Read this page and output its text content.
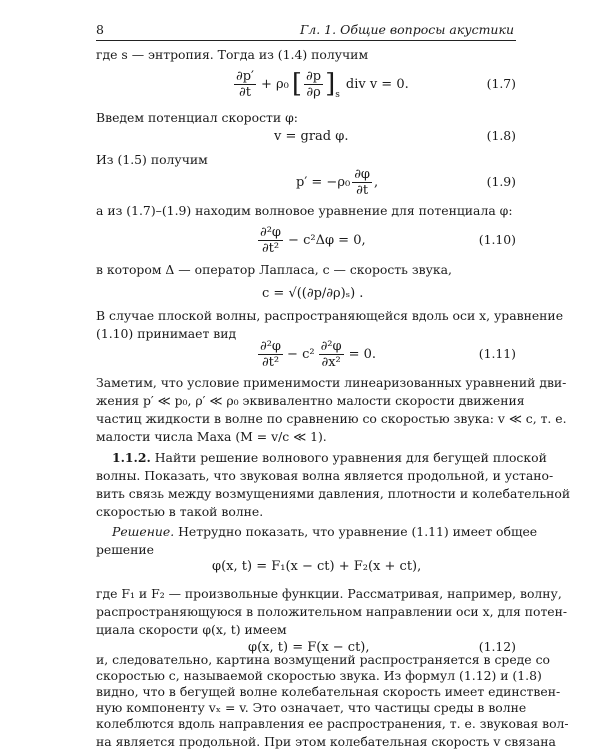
8	Гл. 1. Общие вопросы акустики
где s — энтропия. Тогда из (1.4) получим
$\frac{\partial p'}{\partial t} + \rho_0$ [ $\frac{\partial p}{\partial\rho}$ ] s
div v = 0.	(1.7)
Введем потенциал скорости φ:
v = grad φ.	(1.8)
Из (1.5) получим
$p' = -\rho_0 \frac{\partial\varphi}{\partial t}$ ,	(1.9)
а из (1.7)–(1.9) находим волновое уравнение для потенциала φ:
$\frac{\text{∂²φ}}{\text{∂t²}} - c^2\Delta\varphi = 0$,	(1.10)
в котором Δ — оператор Лапласа, c — скорость звука,
c = √((∂p/∂ρ)ₛ) .
В случае плоской волны, распространяющейся вдоль оси x, уравнение
(1.10) принимает вид
$\frac{\text{∂²φ}}{\text{∂t²}} - c^2 \frac{\text{∂²φ}}{\text{∂x²}} = 0$.	(1.11)
Заметим, что условие применимости линеаризованных уравнений дви-
жения p′ ≪ p₀, ρ′ ≪ ρ₀ эквивалентно малости скорости движения
частиц жидкости в волне по сравнению со скоростью звука: v ≪ c, т. е.
малости числа Маха (M = v/c ≪ 1).
1.1.2. Найти решение волнового уравнения для бегущей плоской
волны. Показать, что звуковая волна является продольной, и устано-
вить связь между возмущениями давления, плотности и колебательной
скоростью в такой волне.
Решение. Нетрудно показать, что уравнение (1.11) имеет общее
решение
φ(x, t) = F₁(x − ct) + F₂(x + ct),
где F₁ и F₂ — произвольные функции. Рассматривая, например, волну,
распространяющуюся в положительном направлении оси x, для потен-
циала скорости φ(x, t) имеем
φ(x, t) = F(x − ct),	(1.12)
и, следовательно, картина возмущений распространяется в среде со
скоростью c, называемой скоростью звука. Из формул (1.12) и (1.8)
видно, что в бегущей волне колебательная скорость имеет единствен-
ную компоненту vₓ = v. Это означает, что частицы среды в волне
колеблются вдоль направления ее распространения, т. е. звуковая вол-
на является продольной. При этом колебательная скорость v связана
